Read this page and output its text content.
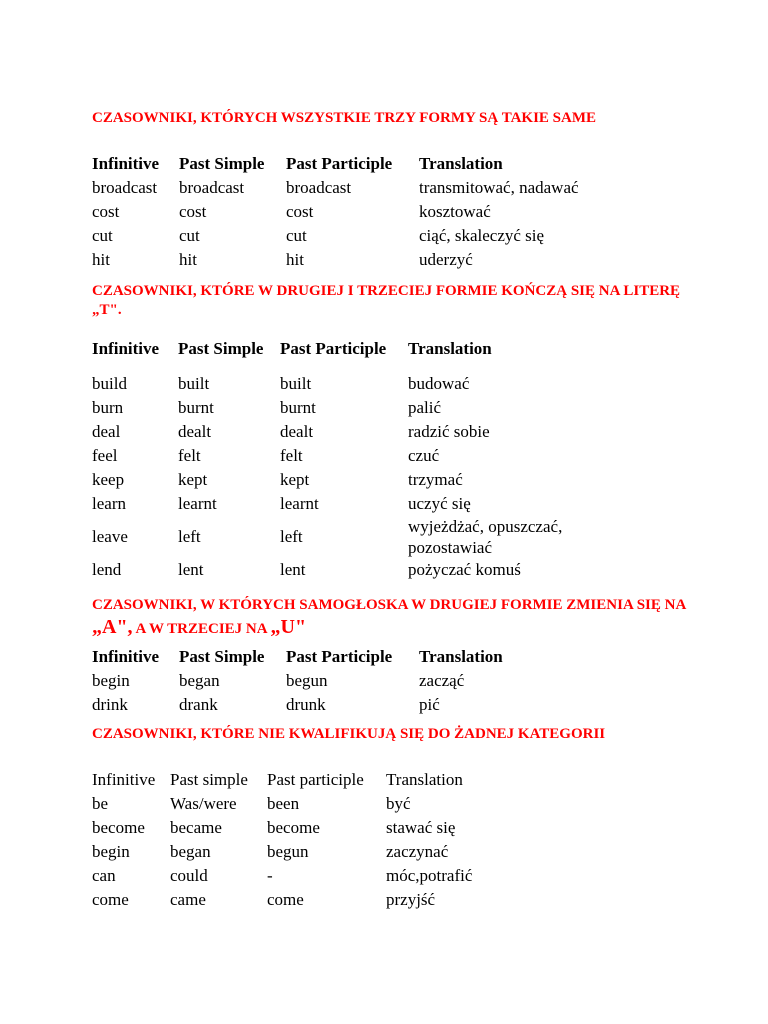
CZASOWNIKI, KTÓRYCH WSZYSTKIE TRZY FORMY SĄ TAKIE SAME

Infinitive	Past Simple	Past Participle	Translation
broadcast	broadcast	broadcast	transmitować, nadawać
cost	cost	cost	kosztować
cut	cut	cut	ciąć, skaleczyć się
hit	hit	hit	uderzyć

CZASOWNIKI, KTÓRE W DRUGIEJ I TRZECIEJ FORMIE KOŃCZĄ SIĘ NA LITERĘ „T".

Infinitive	Past Simple	Past Participle	Translation
build	built	built	budować
burn	burnt	burnt	palić
deal	dealt	dealt	radzić sobie
feel	felt	felt	czuć
keep	kept	kept	trzymać
learn	learnt	learnt	uczyć się
leave	left	left	wyjeżdżać, opuszczać, pozostawiać
lend	lent	lent	pożyczać komuś

CZASOWNIKI, W KTÓRYCH SAMOGŁOSKA W DRUGIEJ FORMIE ZMIENIA SIĘ NA „A", A W TRZECIEJ NA „U"

Infinitive	Past Simple	Past Participle	Translation
begin	began	begun	zacząć
drink	drank	drunk	pić

CZASOWNIKI, KTÓRE NIE KWALIFIKUJĄ SIĘ DO ŻADNEJ KATEGORII

Infinitive	Past simple	Past participle	Translation
be	Was/were	been	być
become	became	become	stawać się
begin	began	begun	zaczynać
can	could	-	móc,potrafić
come	came	come	przyjść
